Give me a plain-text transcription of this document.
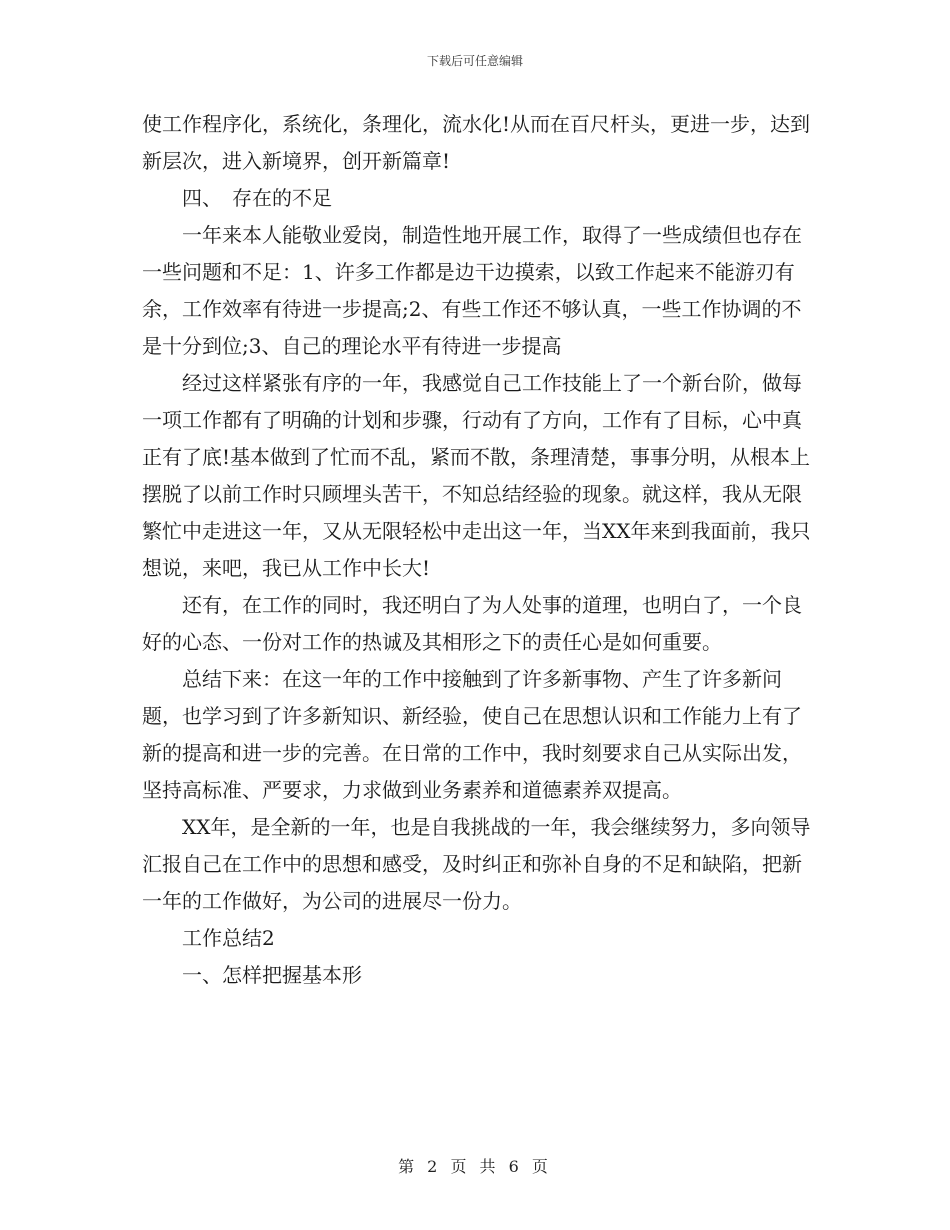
下载后可任意编辑

使工作程序化，系统化，条理化，流水化!从而在百尺杆头，更进一步，达到新层次，进入新境界，创开新篇章!

四、　存在的不足

一年来本人能敬业爱岗，制造性地开展工作，取得了一些成绩但也存在一些问题和不足：1、许多工作都是边干边摸索，以致工作起来不能游刃有余，工作效率有待进一步提高;2、有些工作还不够认真，一些工作协调的不是十分到位;3、自己的理论水平有待进一步提高

经过这样紧张有序的一年，我感觉自己工作技能上了一个新台阶，做每一项工作都有了明确的计划和步骤，行动有了方向，工作有了目标，心中真正有了底!基本做到了忙而不乱，紧而不散，条理清楚，事事分明，从根本上摆脱了以前工作时只顾埋头苦干，不知总结经验的现象。就这样，我从无限繁忙中走进这一年，又从无限轻松中走出这一年，当XX年来到我面前，我只想说，来吧，我已从工作中长大!

还有，在工作的同时，我还明白了为人处事的道理，也明白了，一个良好的心态、一份对工作的热诚及其相形之下的责任心是如何重要。

总结下来：在这一年的工作中接触到了许多新事物、产生了许多新问题，也学习到了许多新知识、新经验，使自己在思想认识和工作能力上有了新的提高和进一步的完善。在日常的工作中，我时刻要求自己从实际出发，坚持高标准、严要求，力求做到业务素养和道德素养双提高。

XX年，是全新的一年，也是自我挑战的一年，我会继续努力，多向领导汇报自己在工作中的思想和感受，及时纠正和弥补自身的不足和缺陷，把新一年的工作做好，为公司的进展尽一份力。

工作总结2

一、怎样把握基本形

第 2 页 共 6 页
